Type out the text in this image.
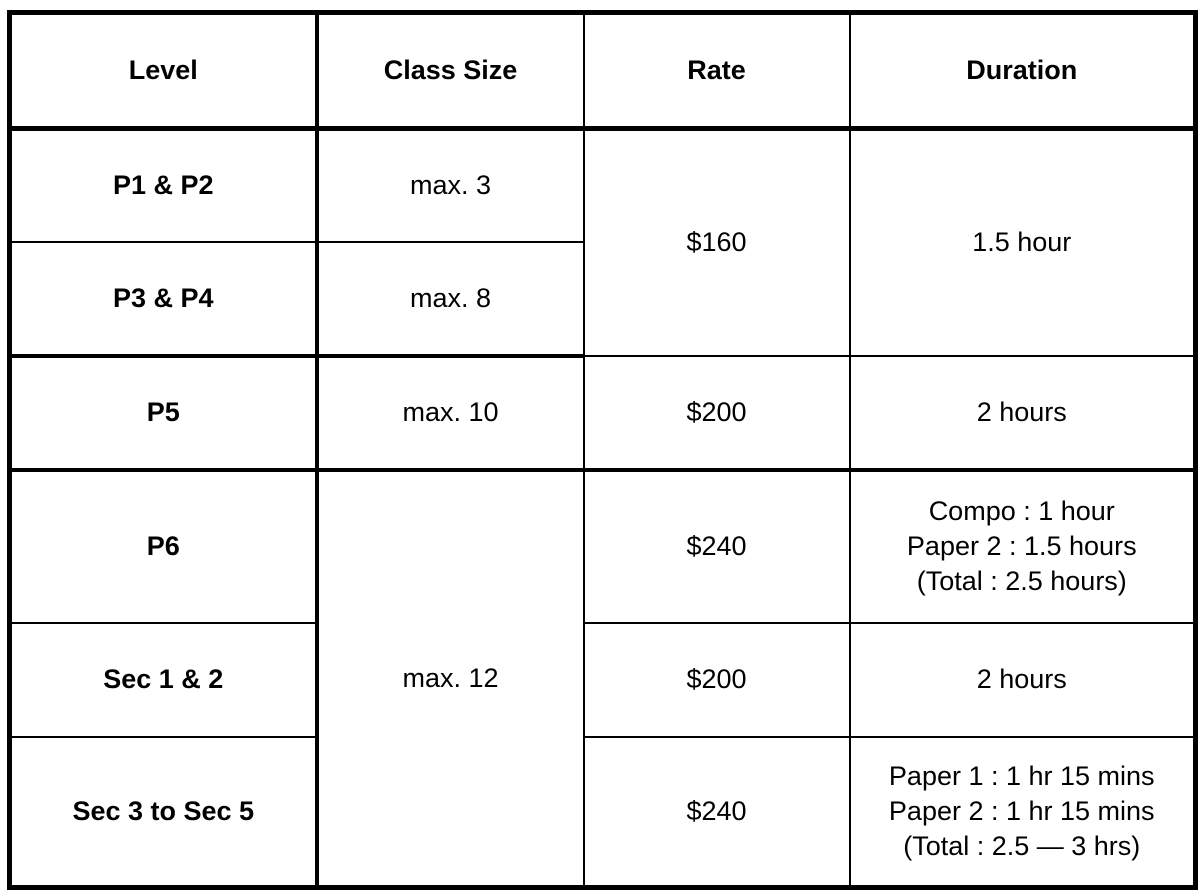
Level	Class Size	Rate	Duration
P1 & P2	max. 3	$160	1.5 hour

P3 & P4	max. 8		
P5	max. 10	$200	2 hours

P6	max. 12	$240	Compo : 1 hour
Paper 2 : 1.5 hours
(Total : 2.5 hours)

Sec 1 & 2		$200	2 hours

Sec 3 to Sec 5		$240	Paper 1 : 1 hr 15 mins
Paper 2 : 1 hr 15 mins
(Total : 2.5 — 3 hrs)
